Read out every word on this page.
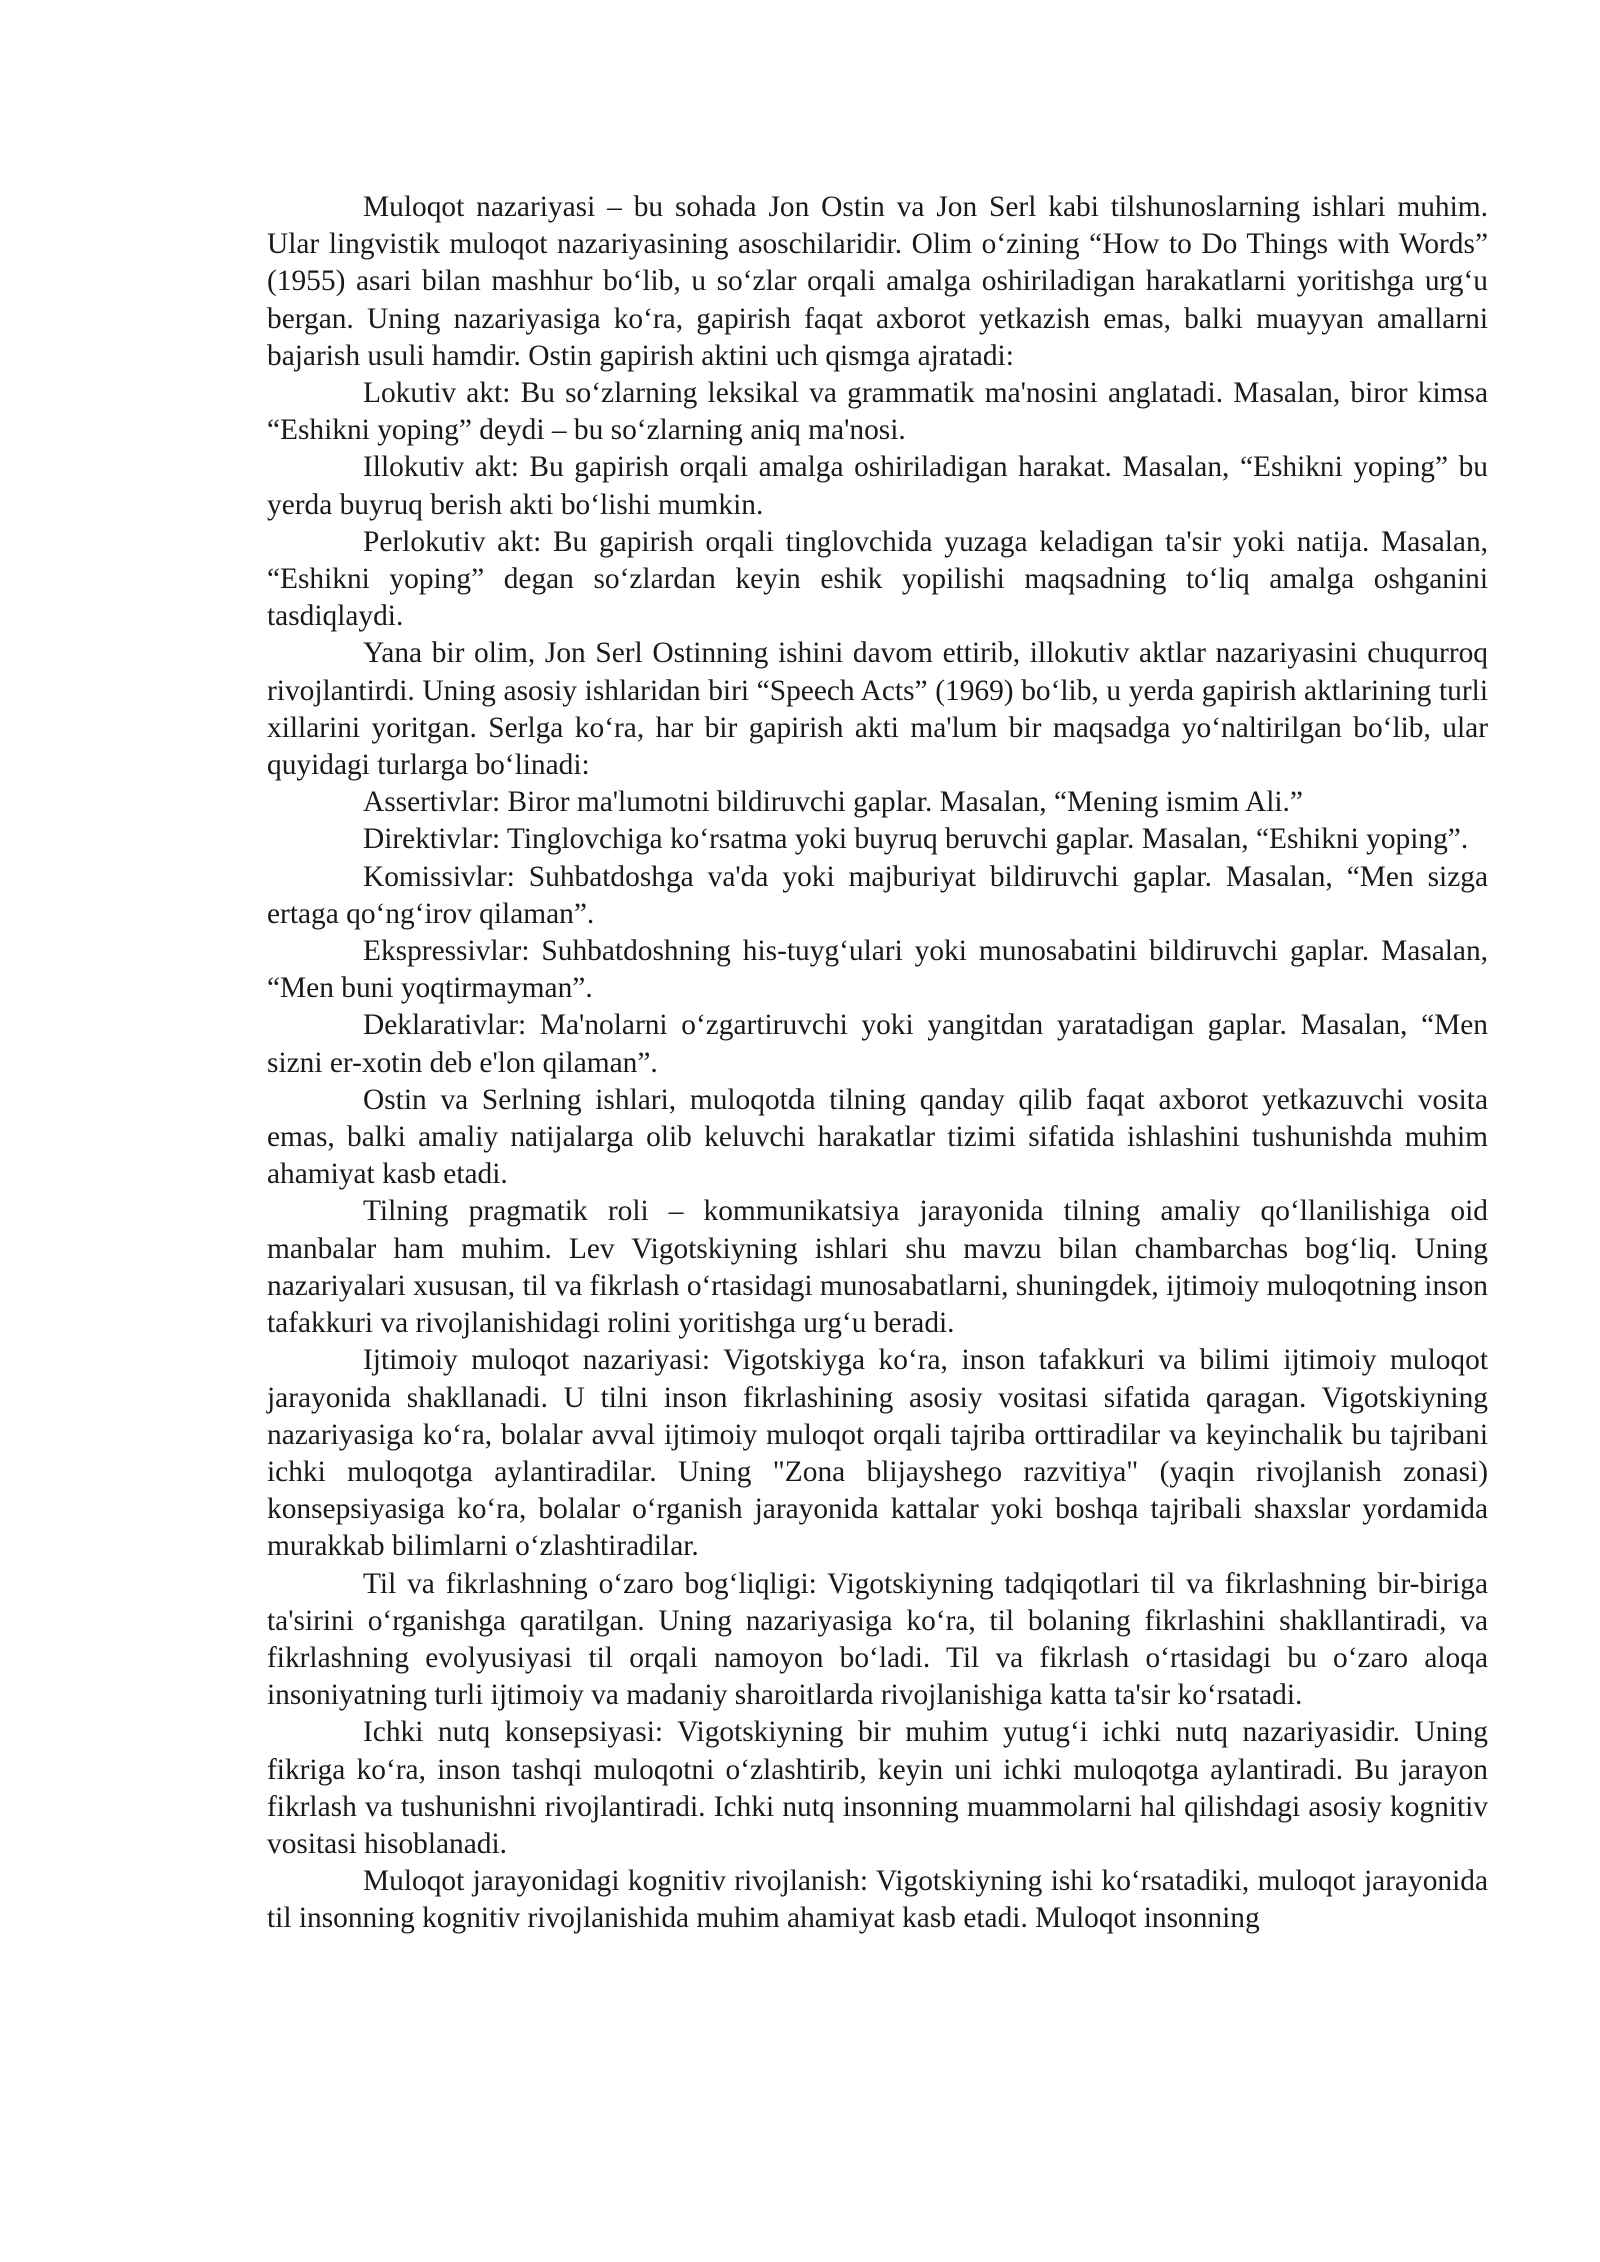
Muloqot nazariyasi – bu sohada Jon Ostin va Jon Serl kabi tilshunoslarning ishlari muhim. Ular lingvistik muloqot nazariyasining asoschilaridir. Olim o‘zining “How to Do Things with Words” (1955) asari bilan mashhur bo‘lib, u so‘zlar orqali amalga oshiriladigan harakatlarni yoritishga urg‘u bergan. Uning nazariyasiga ko‘ra, gapirish faqat axborot yetkazish emas, balki muayyan amallarni bajarish usuli hamdir. Ostin gapirish aktini uch qismga ajratadi:

Lokutiv akt: Bu so‘zlarning leksikal va grammatik ma'nosini anglatadi. Masalan, biror kimsa “Eshikni yoping” deydi – bu so‘zlarning aniq ma'nosi.

Illokutiv akt: Bu gapirish orqali amalga oshiriladigan harakat. Masalan, “Eshikni yoping” bu yerda buyruq berish akti bo‘lishi mumkin.

Perlokutiv akt: Bu gapirish orqali tinglovchida yuzaga keladigan ta'sir yoki natija. Masalan, “Eshikni yoping” degan so‘zlardan keyin eshik yopilishi maqsadning to‘liq amalga oshganini tasdiqlaydi.

Yana bir olim, Jon Serl Ostinning ishini davom ettirib, illokutiv aktlar nazariyasini chuqurroq rivojlantirdi. Uning asosiy ishlaridan biri “Speech Acts” (1969) bo‘lib, u yerda gapirish aktlarining turli xillarini yoritgan. Serlga ko‘ra, har bir gapirish akti ma'lum bir maqsadga yo‘naltirilgan bo‘lib, ular quyidagi turlarga bo‘linadi:

Assertivlar: Biror ma'lumotni bildiruvchi gaplar. Masalan, “Mening ismim Ali.”

Direktivlar: Tinglovchiga ko‘rsatma yoki buyruq beruvchi gaplar. Masalan, “Eshikni yoping”.

Komissivlar: Suhbatdoshga va'da yoki majburiyat bildiruvchi gaplar. Masalan, “Men sizga ertaga qo‘ng‘irov qilaman”.

Ekspressivlar: Suhbatdoshning his-tuyg‘ulari yoki munosabatini bildiruvchi gaplar. Masalan, “Men buni yoqtirmayman”.

Deklarativlar: Ma'nolarni o‘zgartiruvchi yoki yangitdan yaratadigan gaplar. Masalan, “Men sizni er-xotin deb e'lon qilaman”.

Ostin va Serlning ishlari, muloqotda tilning qanday qilib faqat axborot yetkazuvchi vosita emas, balki amaliy natijalarga olib keluvchi harakatlar tizimi sifatida ishlashini tushunishda muhim ahamiyat kasb etadi.

Tilning pragmatik roli – kommunikatsiya jarayonida tilning amaliy qo‘llanilishiga oid manbalar ham muhim. Lev Vigotskiyning ishlari shu mavzu bilan chambarchas bog‘liq. Uning nazariyalari xususan, til va fikrlash o‘rtasidagi munosabatlarni, shuningdek, ijtimoiy muloqotning inson tafakkuri va rivojlanishidagi rolini yoritishga urg‘u beradi.

Ijtimoiy muloqot nazariyasi: Vigotskiyga ko‘ra, inson tafakkuri va bilimi ijtimoiy muloqot jarayonida shakllanadi. U tilni inson fikrlashining asosiy vositasi sifatida qaragan. Vigotskiyning nazariyasiga ko‘ra, bolalar avval ijtimoiy muloqot orqali tajriba orttiradilar va keyinchalik bu tajribani ichki muloqotga aylantiradilar. Uning "Zona blijayshego razvitiya" (yaqin rivojlanish zonasi) konsepsiyasiga ko‘ra, bolalar o‘rganish jarayonida kattalar yoki boshqa tajribali shaxslar yordamida murakkab bilimlarni o‘zlashtiradilar.

Til va fikrlashning o‘zaro bog‘liqligi: Vigotskiyning tadqiqotlari til va fikrlashning bir-biriga ta'sirini o‘rganishga qaratilgan. Uning nazariyasiga ko‘ra, til bolaning fikrlashini shakllantiradi, va fikrlashning evolyusiyasi til orqali namoyon bo‘ladi. Til va fikrlash o‘rtasidagi bu o‘zaro aloqa insoniyatning turli ijtimoiy va madaniy sharoitlarda rivojlanishiga katta ta'sir ko‘rsatadi.

Ichki nutq konsepsiyasi: Vigotskiyning bir muhim yutug‘i ichki nutq nazariyasidir. Uning fikriga ko‘ra, inson tashqi muloqotni o‘zlashtirib, keyin uni ichki muloqotga aylantiradi. Bu jarayon fikrlash va tushunishni rivojlantiradi. Ichki nutq insonning muammolarni hal qilishdagi asosiy kognitiv vositasi hisoblanadi.

Muloqot jarayonidagi kognitiv rivojlanish: Vigotskiyning ishi ko‘rsatadiki, muloqot jarayonida til insonning kognitiv rivojlanishida muhim ahamiyat kasb etadi. Muloqot insonning
